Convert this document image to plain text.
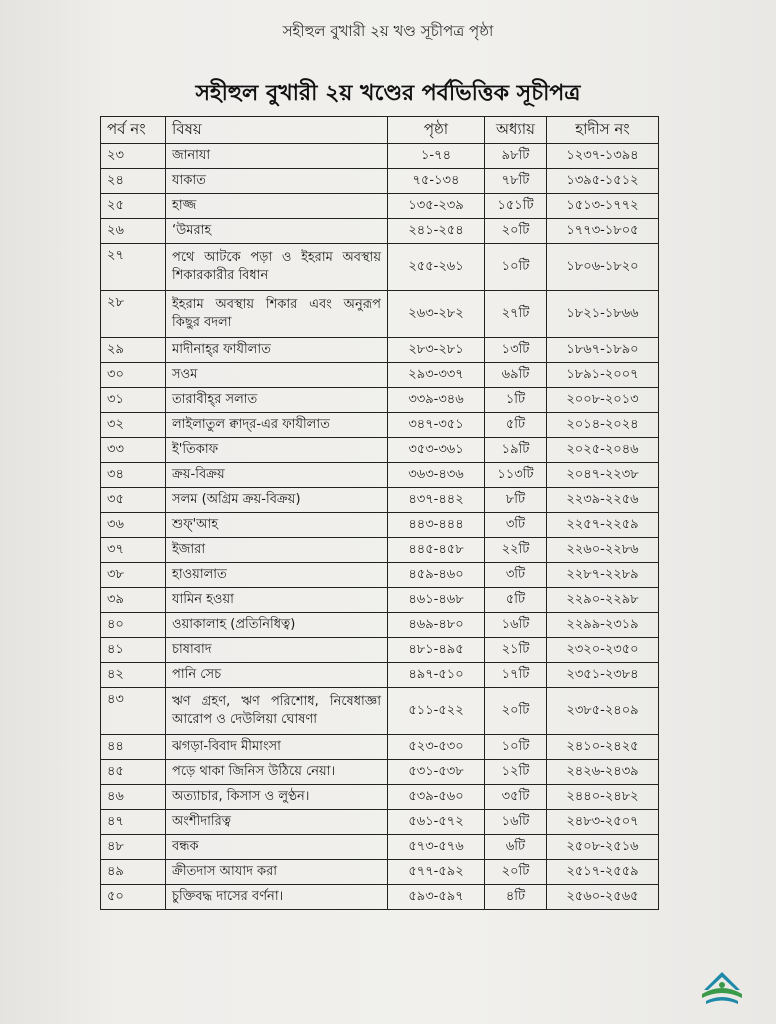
সহীহুল বুখারী ২য় খণ্ড সূচীপত্র পৃষ্ঠা
সহীহুল বুখারী ২য় খণ্ডের পর্বভিত্তিক সূচীপত্র
পর্ব নং	বিষয়	পৃষ্ঠা	অধ্যায়	হাদীস নং
২৩	জানাযা	১-৭৪	৯৮টি	১২৩৭-১৩৯৪
২৪	যাকাত	৭৫-১৩৪	৭৮টি	১৩৯৫-১৫১২
২৫	হাজ্জ	১৩৫-২৩৯	১৫১টি	১৫১৩-১৭৭২
২৬	‘উমরাহ	২৪১-২৫৪	২০টি	১৭৭৩-১৮০৫
২৭	পথে আটকে পড়া ও ইহরাম অবস্থায় শিকারকারীর বিধান	২৫৫-২৬১	১০টি	১৮০৬-১৮২০
২৮	ইহরাম অবস্থায় শিকার এবং অনুরূপ কিছুর বদলা	২৬৩-২৮২	২৭টি	১৮২১-১৮৬৬
২৯	মাদীনাহ্‌র ফাযীলাত	২৮৩-২৮১	১৩টি	১৮৬৭-১৮৯০
৩০	সওম	২৯৩-৩৩৭	৬৯টি	১৮৯১-২০০৭
৩১	তারাবীহ্‌র সলাত	৩৩৯-৩৪৬	১টি	২০০৮-২০১৩
৩২	লাইলাতুল ক্বাদ্‌র-এর ফাযীলাত	৩৪৭-৩৫১	৫টি	২০১৪-২০২৪
৩৩	ই'তিকাফ	৩৫৩-৩৬১	১৯টি	২০২৫-২০৪৬
৩৪	ক্রয়-বিক্রয়	৩৬৩-৪৩৬	১১৩টি	২০৪৭-২২৩৮
৩৫	সলম (অগ্রিম ক্রয়-বিক্রয়)	৪৩৭-৪৪২	৮টি	২২৩৯-২২৫৬
৩৬	শুফ্'আহ	৪৪৩-৪৪৪	৩টি	২২৫৭-২২৫৯
৩৭	ইজারা	৪৪৫-৪৫৮	২২টি	২২৬০-২২৮৬
৩৮	হাওয়ালাত	৪৫৯-৪৬০	৩টি	২২৮৭-২২৮৯
৩৯	যামিন হওয়া	৪৬১-৪৬৮	৫টি	২২৯০-২২৯৮
৪০	ওয়াকালাহ (প্রতিনিধিত্ব)	৪৬৯-৪৮০	১৬টি	২২৯৯-২৩১৯
৪১	চাষাবাদ	৪৮১-৪৯৫	২১টি	২৩২০-২৩৫০
৪২	পানি সেচ	৪৯৭-৫১০	১৭টি	২৩৫১-২৩৮৪
৪৩	ঋণ গ্রহণ, ঋণ পরিশোধ, নিষেধাজ্ঞা আরোপ ও দেউলিয়া ঘোষণা	৫১১-৫২২	২০টি	২৩৮৫-২৪০৯
৪৪	ঝগড়া-বিবাদ মীমাংসা	৫২৩-৫৩০	১০টি	২৪১০-২৪২৫
৪৫	পড়ে থাকা জিনিস উঠিয়ে নেয়া।	৫৩১-৫৩৮	১২টি	২৪২৬-২৪৩৯
৪৬	অত্যাচার, কিসাস ও লুণ্ঠন।	৫৩৯-৫৬০	৩৫টি	২৪৪০-২৪৮২
৪৭	অংশীদারিত্ব	৫৬১-৫৭২	১৬টি	২৪৮৩-২৫০৭
৪৮	বন্ধক	৫৭৩-৫৭৬	৬টি	২৫০৮-২৫১৬
৪৯	ক্রীতদাস আযাদ করা	৫৭৭-৫৯২	২০টি	২৫১৭-২৫৫৯
৫০	চুক্তিবদ্ধ দাসের বর্ণনা।	৫৯৩-৫৯৭	৪টি	২৫৬০-২৫৬৫
